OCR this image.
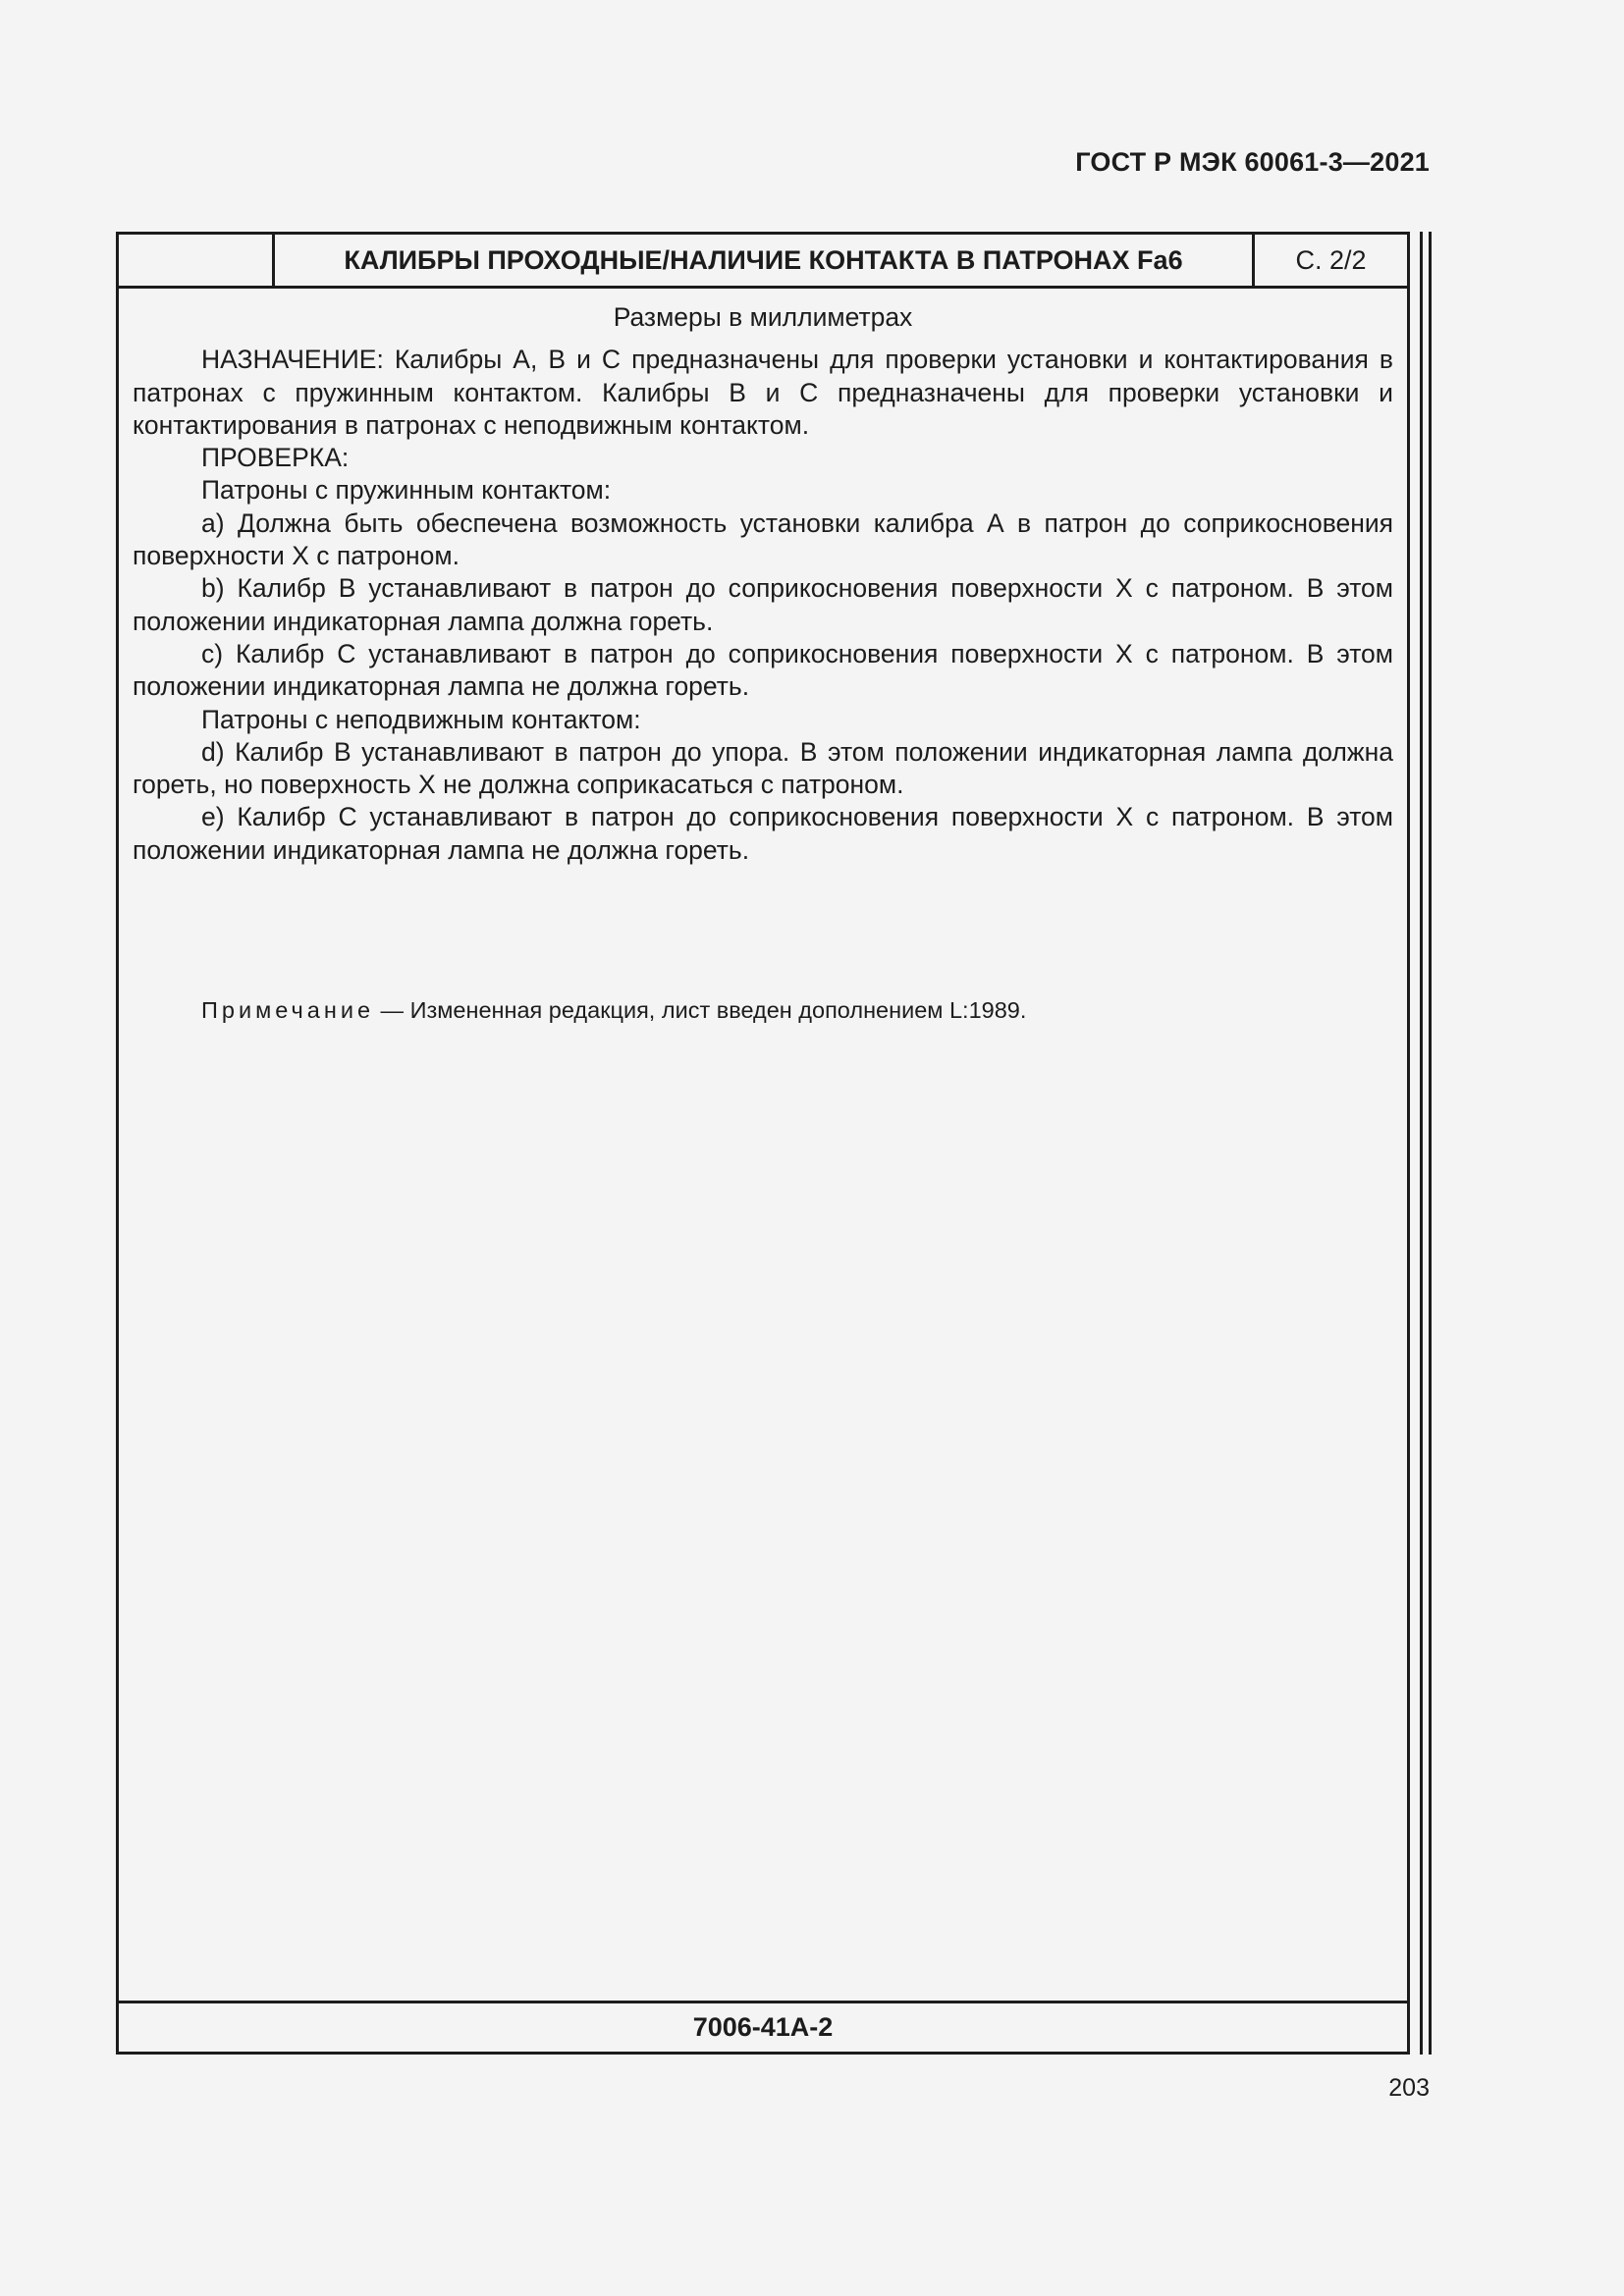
ГОСТ Р МЭК 60061-3—2021
КАЛИБРЫ ПРОХОДНЫЕ/НАЛИЧИЕ КОНТАКТА В ПАТРОНАХ Fa6	С. 2/2
Размеры в миллиметрах

НАЗНАЧЕНИЕ: Калибры А, В и С предназначены для проверки установки и контактирования в патронах с пружинным контактом. Калибры В и С предназначены для проверки установки и контактирования в патронах с неподвижным контактом.

ПРОВЕРКА:

Патроны с пружинным контактом:

a) Должна быть обеспечена возможность установки калибра А в патрон до соприкосновения поверхности X с патроном.

b) Калибр В устанавливают в патрон до соприкосновения поверхности X с патроном. В этом положении индикаторная лампа должна гореть.

c) Калибр С устанавливают в патрон до соприкосновения поверхности X с патроном. В этом положении индикаторная лампа не должна гореть.

Патроны с неподвижным контактом:

d) Калибр В устанавливают в патрон до упора. В этом положении индикаторная лампа должна гореть, но поверхность X не должна соприкасаться с патроном.

e) Калибр С устанавливают в патрон до соприкосновения поверхности X с патроном. В этом положении индикаторная лампа не должна гореть.

Примечание — Измененная редакция, лист введен дополнением L:1989.

7006-41A-2
203
